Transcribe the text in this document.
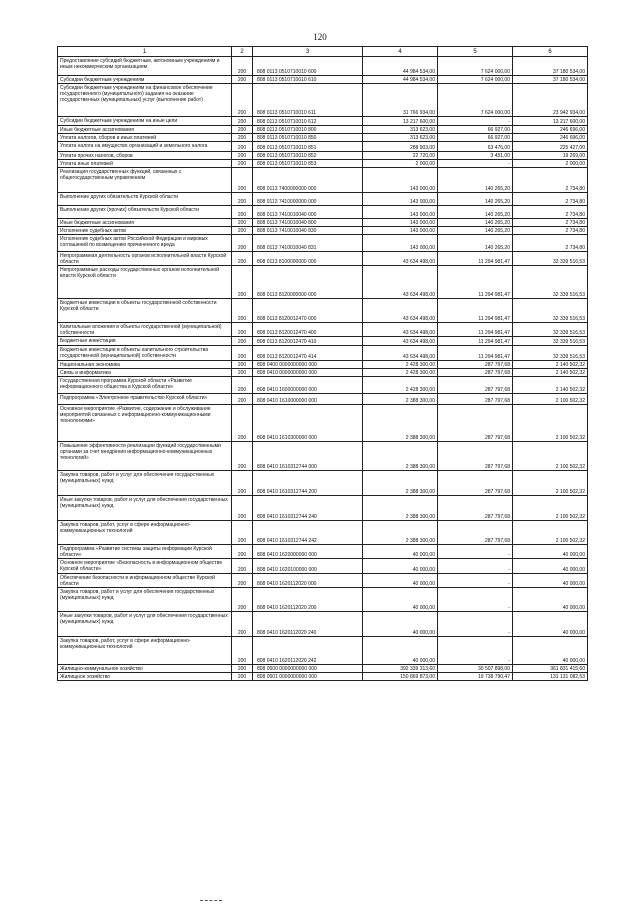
120
1	2	3	4	5	6
Предоставление субсидий бюджетным, автономным учреждениям и иным некоммерческим организациям	200	808 0113 0510710010 600	44 984 534,00	7 624 000,00	37 180 534,00
Субсидии бюджетным учреждениям	200	808 0113 0510710010 610	44 984 534,00	7 624 000,00	37 180 534,00
Субсидии бюджетным учреждениям на финансовое обеспечение государственного (муниципального) задания на оказание государственных (муниципальных) услуг (выполнение работ)	200	808 0113 0510710010 611	31 766 934,00	7 624 000,00	23 942 934,00
Субсидии бюджетным учреждениям на иные цели	200	808 0113 0510710010 612	13 217 600,00	-	13 217 600,00
Иные бюджетные ассигнования	200	808 0113 0510710010 800	313 623,00	66 927,00	246 696,00
Уплата налогов, сборов и иных платежей	200	808 0113 0510710010 850	313 623,00	66 927,00	246 696,00
Уплата налога на имущество организаций и земельного налога	200	808 0113 0510710010 851	288 903,00	63 476,00	225 427,00
Уплата прочих налогов, сборов	200	808 0113 0510710010 852	22 720,00	3 451,00	19 269,00
Уплата иных платежей	200	808 0113 0510710010 853	2 000,00	-	2 000,00
Реализация государственных функций, связанных с общегосударственным управлением	200	808 0113 7400000000 000	143 000,00	140 265,20	2 734,80
Выполнение других обязательств Курской области	200	808 0113 7410000000 000	143 000,00	140 265,20	2 734,80
Выполнение других (прочих) обязательств Курской области	200	808 0113 7410010040 000	143 000,00	140 265,20	2 734,80
Иные бюджетные ассигнования	200	808 0113 7410010040 800	143 000,00	140 265,20	2 734,80
Исполнение судебных актов	200	808 0113 7410010040 830	143 000,00	140 265,20	2 734,80
Исполнение судебных актов Российской Федерации и мировых соглашений по возмещению причиненного вреда	200	808 0113 7410010040 831	143 000,00	140 265,20	2 734,80
Непрограммная деятельность органов исполнительной власти Курской области	200	808 0113 8100000000 000	43 634 498,00	11 294 981,47	32 339 516,53
Непрограммные расходы государственных органов исполнительной власти Курской области	200	808 0113 8120000000 000	43 634 498,00	11 294 981,47	32 339 516,53
Бюджетные инвестиции в объекты государственной собственности Курской области	200	808 0113 8120012470 000	43 634 498,00	11 294 981,47	32 339 516,53
Капитальные вложения в объекты государственной (муниципальной) собственности	200	808 0113 8120012470 400	43 634 498,00	11 294 981,47	32 339 516,53
Бюджетные инвестиции	200	808 0113 8120012470 410	43 634 498,00	11 294 981,47	32 339 516,53
Бюджетные инвестиции в объекты капитального строительства государственной (муниципальной) собственности	200	808 0113 8120012470 414	43 634 498,00	11 294 981,47	32 339 516,53
Национальная экономика	200	808 0400 0000000000 000	2 428 300,00	287 797,68	2 140 502,32
Связь и информатика	200	808 0410 0000000000 000	2 428 300,00	287 797,68	2 140 502,32
Государственная программа Курской области «Развитие информационного общества в Курской области»	200	808 0410 1600000000 000	2 428 300,00	287 797,68	2 140 502,32
Подпрограмма «Электронное правительство Курской области»	200	808 0410 1610000000 000	2 388 300,00	287 797,68	2 100 502,32
Основное мероприятие «Развитие, содержание и обслуживание мероприятий связанных с информационно-коммуникационными технологиями»	200	808 0410 1610300000 000	2 388 300,00	287 797,68	2 100 502,32
Повышение эффективности реализации функций государственными органами за счет внедрения информационно-коммуникационных технологий»	200	808 0410 1610312744 000	2 388 300,00	287 797,68	2 100 502,32
Закупка товаров, работ и услуг для обеспечения государственных (муниципальных) нужд	200	808 0410 1610312744 200	2 388 300,00	287 797,68	2 100 502,32
Иные закупки товаров, работ и услуг для обеспечения государственных (муниципальных) нужд	200	808 0410 1610312744 240	2 388 300,00	287 797,68	2 100 502,32
Закупка товаров, работ, услуг в сфере информационно-коммуникационных технологий	200	808 0410 1610312744 242	2 388 300,00	287 797,68	2 100 502,32
Подпрограмма «Развитие системы защиты информации Курской области»	200	808 0410 1620000000 000	40 000,00	-	40 000,00
Основное мероприятие «Безопасность в информационном обществе Курской области»	200	808 0410 1620100000 000	40 000,00	-	40 000,00
Обеспечение безопасности в информационном обществе Курской области	200	808 0410 1620112020 000	40 000,00	-	40 000,00
Закупка товаров, работ и услуг для обеспечения государственных (муниципальных) нужд	200	808 0410 1620112020 200	40 000,00	-	40 000,00
Иные закупки товаров, работ и услуг для обеспечения государственных (муниципальных) нужд	200	808 0410 1620112020 240	40 000,00	-	40 000,00
Закупка товаров, работ, услуг в сфере информационно-коммуникационных технологий	200	808 0410 1620112020 242	40 000,00	-	40 000,00
Жилищно-коммунальное хозяйство	200	808 0500 0000000000 000	392 339 313,60	30 507 898,00	361 831 415,60
Жилищное хозяйство	200	808 0501 0000000000 000	150 869 873,00	19 738 790,47	131 131 082,53
